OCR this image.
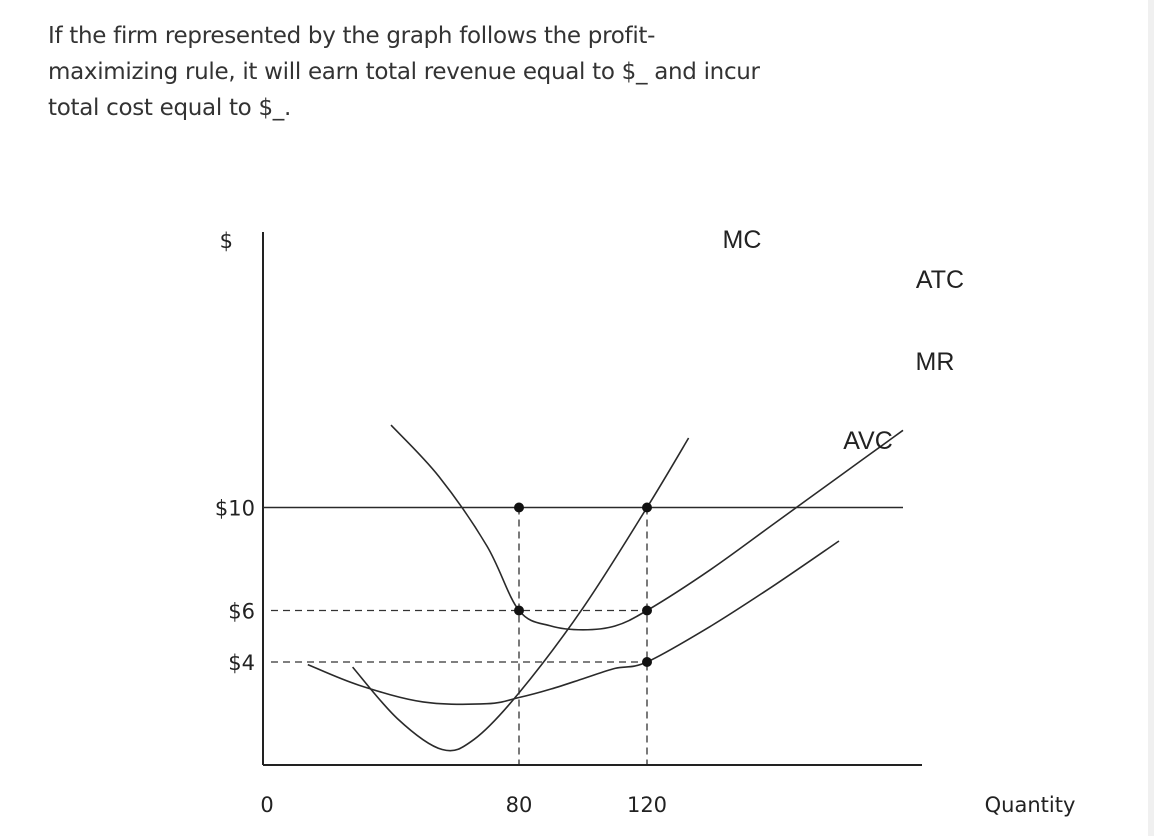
If the firm represented by the graph follows the profit-maximizing rule, it will earn total revenue equal to $_ and incur total cost equal to $_.
$10
$6
$4
$
0	80	120	Quantity
MR
MC
ATC
AVC
